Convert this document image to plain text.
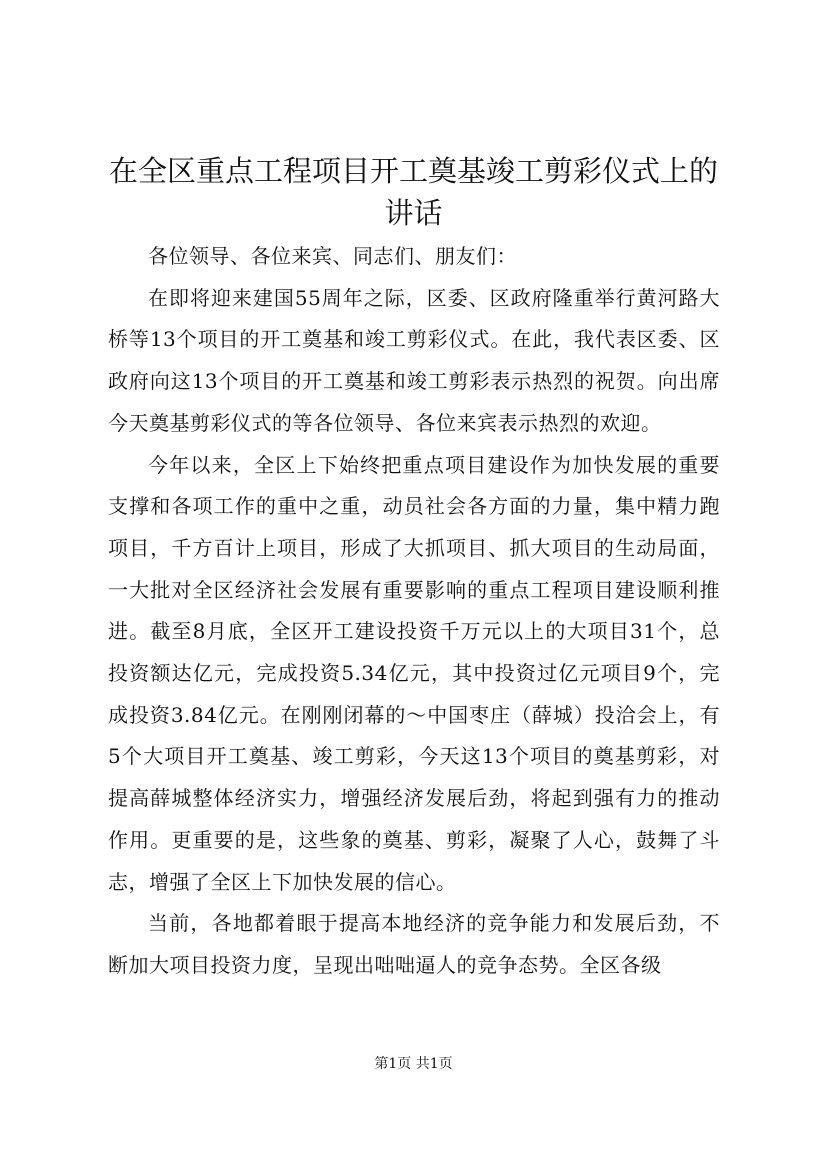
在全区重点工程项目开工奠基竣工剪彩仪式上的讲话

各位领导、各位来宾、同志们、朋友们：

在即将迎来建国55周年之际，区委、区政府隆重举行黄河路大桥等13个项目的开工奠基和竣工剪彩仪式。在此，我代表区委、区政府向这13个项目的开工奠基和竣工剪彩表示热烈的祝贺。向出席今天奠基剪彩仪式的等各位领导、各位来宾表示热烈的欢迎。

今年以来，全区上下始终把重点项目建设作为加快发展的重要支撑和各项工作的重中之重，动员社会各方面的力量，集中精力跑项目，千方百计上项目，形成了大抓项目、抓大项目的生动局面，一大批对全区经济社会发展有重要影响的重点工程项目建设顺利推进。截至8月底，全区开工建设投资千万元以上的大项目31个，总投资额达亿元，完成投资5.34亿元，其中投资过亿元项目9个，完成投资3.84亿元。在刚刚闭幕的～中国枣庄（薛城）投洽会上，有5个大项目开工奠基、竣工剪彩，今天这13个项目的奠基剪彩，对提高薛城整体经济实力，增强经济发展后劲，将起到强有力的推动作用。更重要的是，这些象的奠基、剪彩，凝聚了人心，鼓舞了斗志，增强了全区上下加快发展的信心。

当前，各地都着眼于提高本地经济的竞争能力和发展后劲，不断加大项目投资力度，呈现出咄咄逼人的竞争态势。全区各级

第1页 共1页
